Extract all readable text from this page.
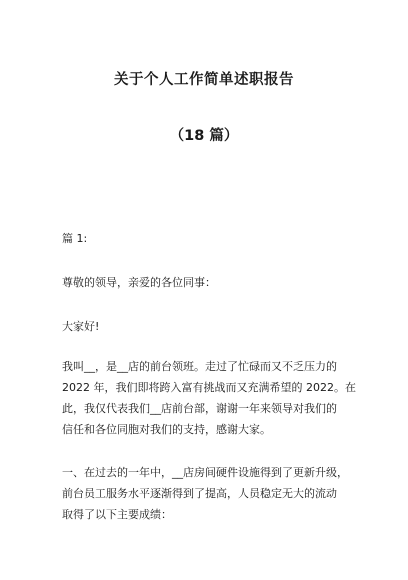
关于个人工作简单述职报告
（18 篇）
篇 1:
尊敬的领导，亲爱的各位同事：
大家好!
我叫__，是__店的前台领班。走过了忙碌而又不乏压力的
2022 年，我们即将跨入富有挑战而又充满希望的 2022。在
此，我仅代表我们__店前台部，谢谢一年来领导对我们的
信任和各位同胞对我们的支持，感谢大家。
一、在过去的一年中，__店房间硬件设施得到了更新升级，
前台员工服务水平逐渐得到了提高，人员稳定无大的流动
取得了以下主要成绩：
